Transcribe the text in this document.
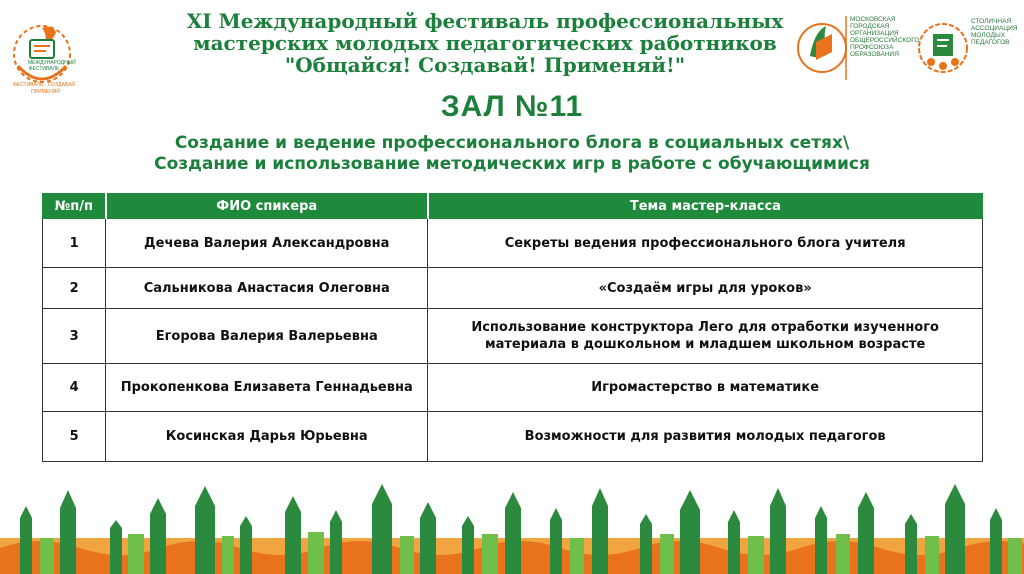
МЕЖДУНАРОДНЫЙ ФЕСТИВАЛЬ
ФЕСТИВАЛЬ · СОЗДАВАЙ · ПРИМЕНЯЙ
XI Международный фестиваль профессиональных
мастерских молодых педагогических работников
"Общайся! Создавай! Применяй!"
МОСКОВСКАЯ
ГОРОДСКАЯ
ОРГАНИЗАЦИЯ
ОБЩЕРОССИЙСКОГО
ПРОФСОЮЗА
ОБРАЗОВАНИЯ
СТОЛИЧНАЯ
АССОЦИАЦИЯ
МОЛОДЫХ
ПЕДАГОГОВ
ЗАЛ №11
Создание и ведение профессионального блога в социальных сетях\
Создание и использование методических игр в работе с обучающимися
№п/п	ФИО спикера	Тема мастер-класса
1	Дечева Валерия Александровна	Секреты ведения профессионального блога учителя
2	Сальникова Анастасия Олеговна	«Создаём игры для уроков»
3	Егорова Валерия Валерьевна	Использование конструктора Лего для отработки изученного материала в дошкольном и младшем школьном возрасте
4	Прокопенкова Елизавета Геннадьевна	Игромастерство в математике
5	Косинская Дарья Юрьевна	Возможности для развития молодых педагогов
